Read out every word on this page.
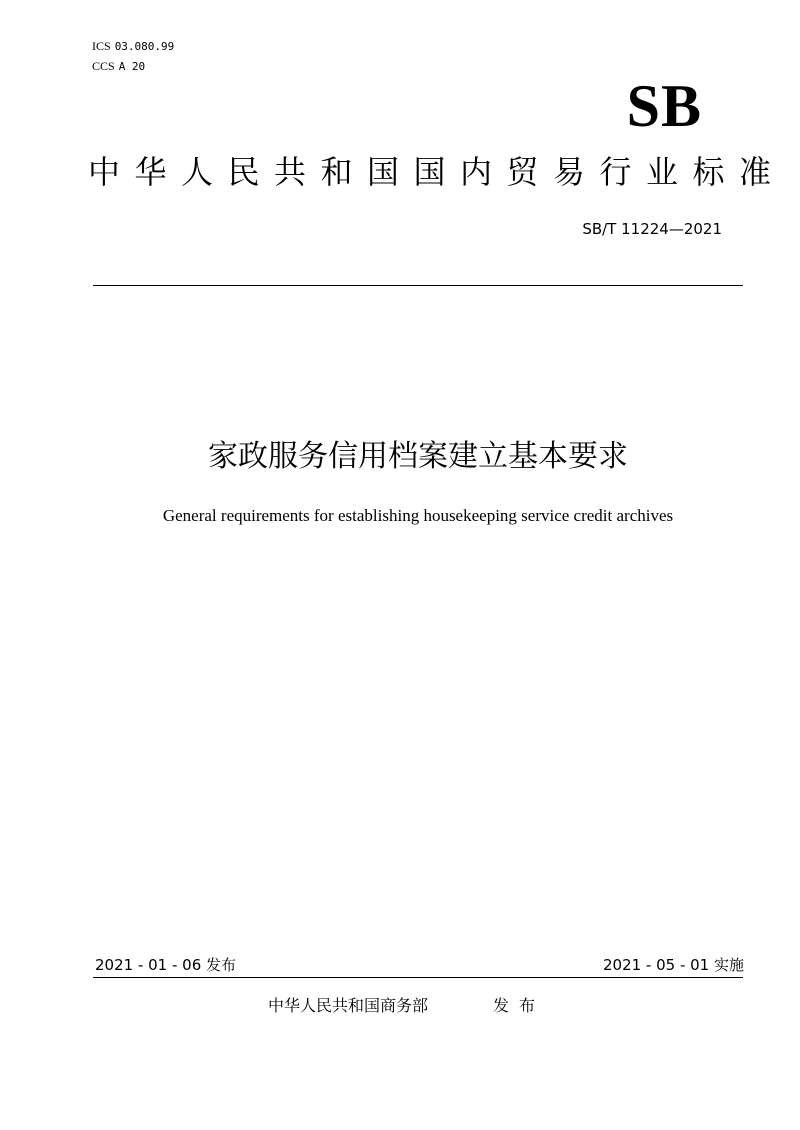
ICS 03.080.99
CCS A 20
SB
中华人民共和国国内贸易行业标准
SB/T 11224—2021
家政服务信用档案建立基本要求
General requirements for establishing housekeeping service credit archives
2021 - 01 - 06 发布	2021 - 05 - 01 实施
中华人民共和国商务部	发布
